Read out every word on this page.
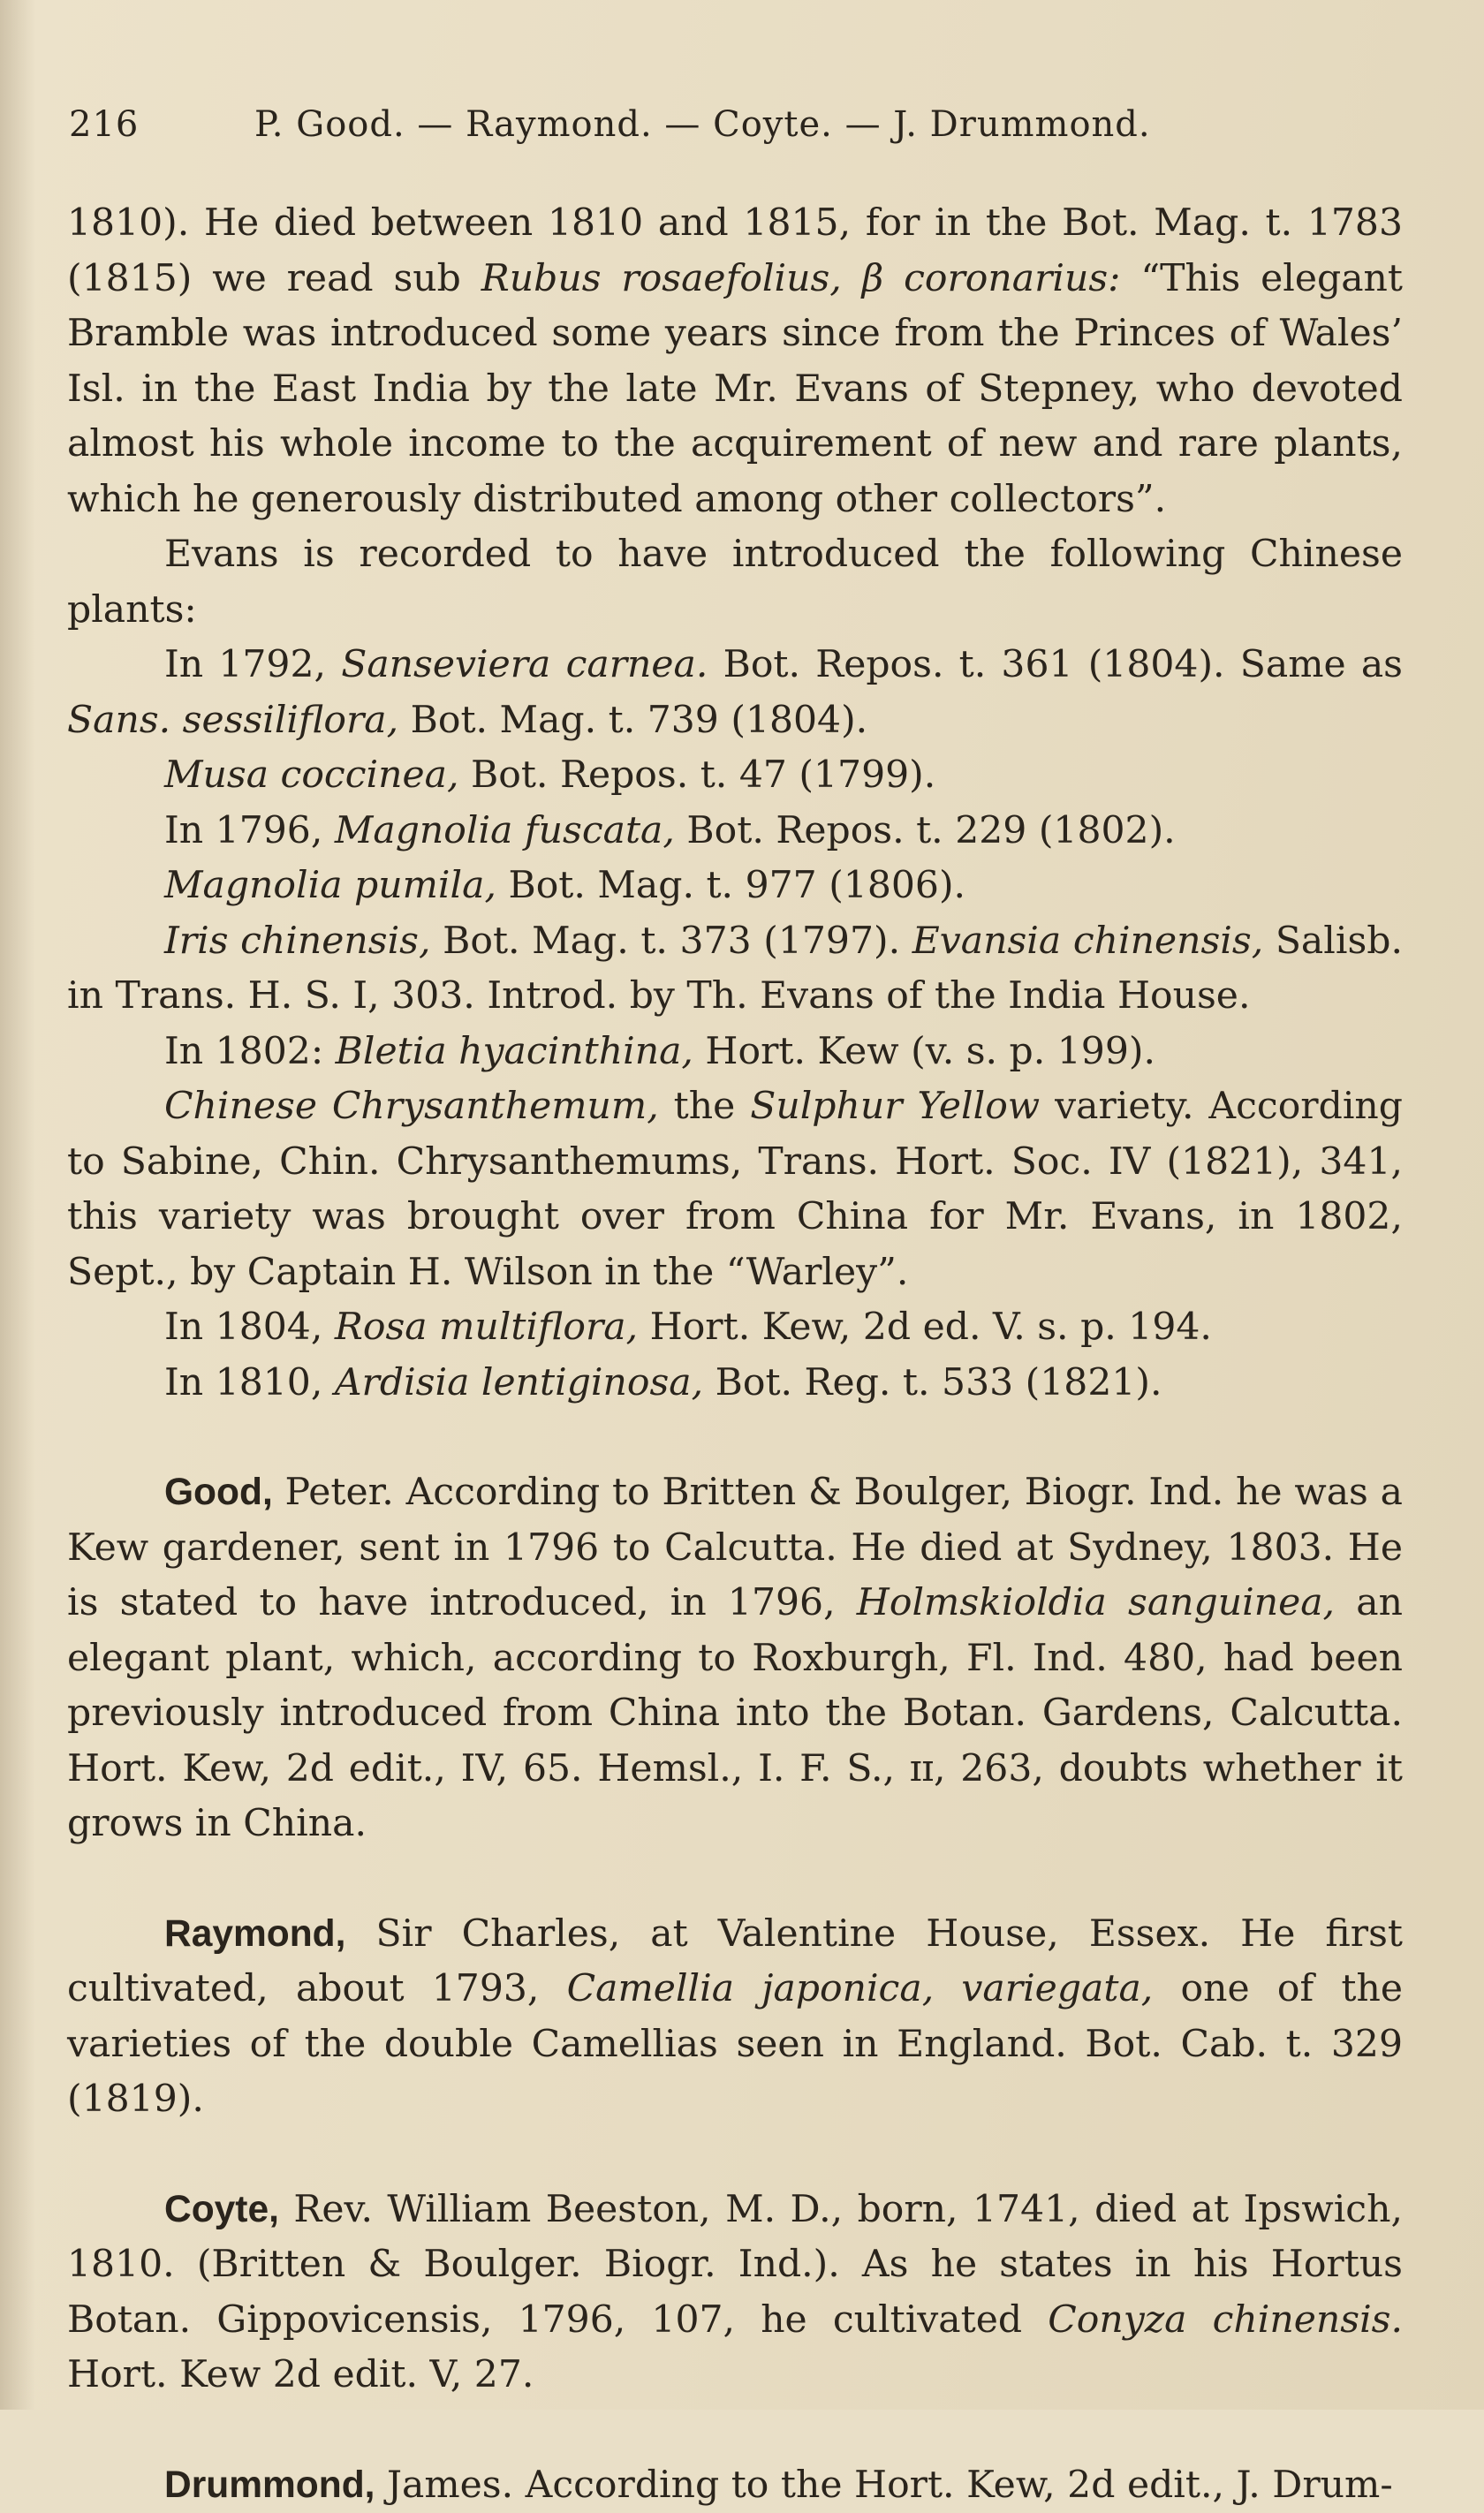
216	P. Good. — Raymond. — Coyte. — J. Drummond.

1810). He died between 1810 and 1815, for in the Bot. Mag. t. 1783 (1815) we read sub Rubus rosaefolius, β coronarius: “This elegant Bramble was introduced some years since from the Princes of Wales’ Isl. in the East India by the late Mr. Evans of Stepney, who devoted almost his whole income to the acquirement of new and rare plants, which he generously distributed among other collectors”.

Evans is recorded to have introduced the following Chinese plants:

In 1792, Sanseviera carnea. Bot. Repos. t. 361 (1804). Same as Sans. sessiliflora, Bot. Mag. t. 739 (1804).

Musa coccinea, Bot. Repos. t. 47 (1799).

In 1796, Magnolia fuscata, Bot. Repos. t. 229 (1802).

Magnolia pumila, Bot. Mag. t. 977 (1806).

Iris chinensis, Bot. Mag. t. 373 (1797). Evansia chinensis, Salisb. in Trans. H. S. I, 303. Introd. by Th. Evans of the India House.

In 1802: Bletia hyacinthina, Hort. Kew (v. s. p. 199).

Chinese Chrysanthemum, the Sulphur Yellow variety. According to Sabine, Chin. Chrysanthemums, Trans. Hort. Soc. IV (1821), 341, this variety was brought over from China for Mr. Evans, in 1802, Sept., by Captain H. Wilson in the “Warley”.

In 1804, Rosa multiflora, Hort. Kew, 2d ed. V. s. p. 194.

In 1810, Ardisia lentiginosa, Bot. Reg. t. 533 (1821).

Good, Peter. According to Britten & Boulger, Biogr. Ind. he was a Kew gardener, sent in 1796 to Calcutta. He died at Sydney, 1803. He is stated to have introduced, in 1796, Holmskioldia sanguinea, an elegant plant, which, according to Roxburgh, Fl. Ind. 480, had been previously introduced from China into the Botan. Gardens, Calcutta. Hort. Kew, 2d edit., IV, 65. Hemsl., I. F. S., ɪɪ, 263, doubts whether it grows in China.

Raymond, Sir Charles, at Valentine House, Essex. He first cultivated, about 1793, Camellia japonica, variegata, one of the varieties of the double Camellias seen in England. Bot. Cab. t. 329 (1819).

Coyte, Rev. William Beeston, M. D., born, 1741, died at Ipswich, 1810. (Britten & Boulger. Biogr. Ind.). As he states in his Hortus Botan. Gippovicensis, 1796, 107, he cultivated Conyza chinensis. Hort. Kew 2d edit. V, 27.

Drummond, James. According to the Hort. Kew, 2d edit., J. Drum-
